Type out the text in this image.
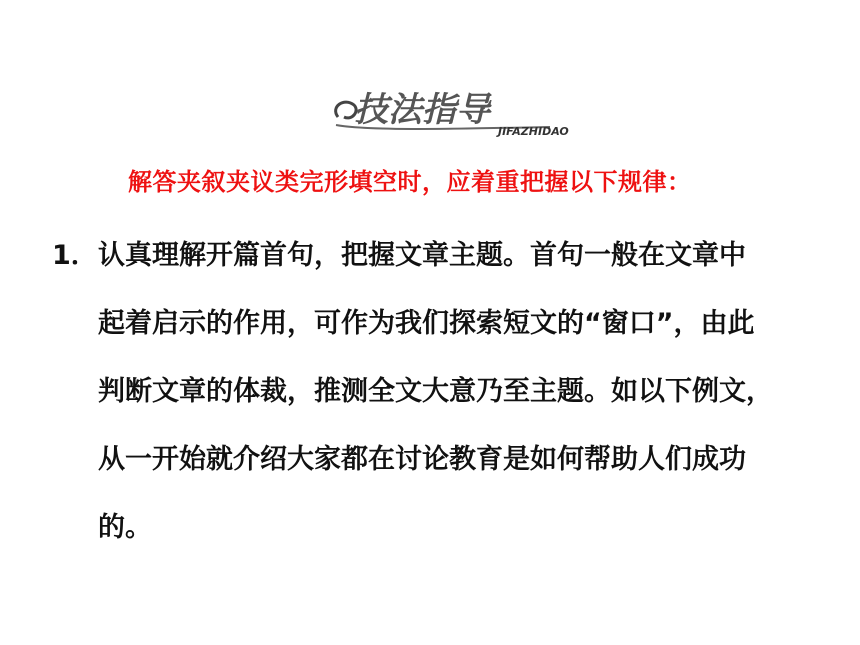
技法指导
JIFAZHIDAO
解答夹叙夹议类完形填空时，应着重把握以下规律：
1． 认真理解开篇首句，把握文章主题。首句一般在文章中
起着启示的作用，可作为我们探索短文的“窗口”，由此
判断文章的体裁，推测全文大意乃至主题。如以下例文，
从一开始就介绍大家都在讨论教育是如何帮助人们成功
的。
